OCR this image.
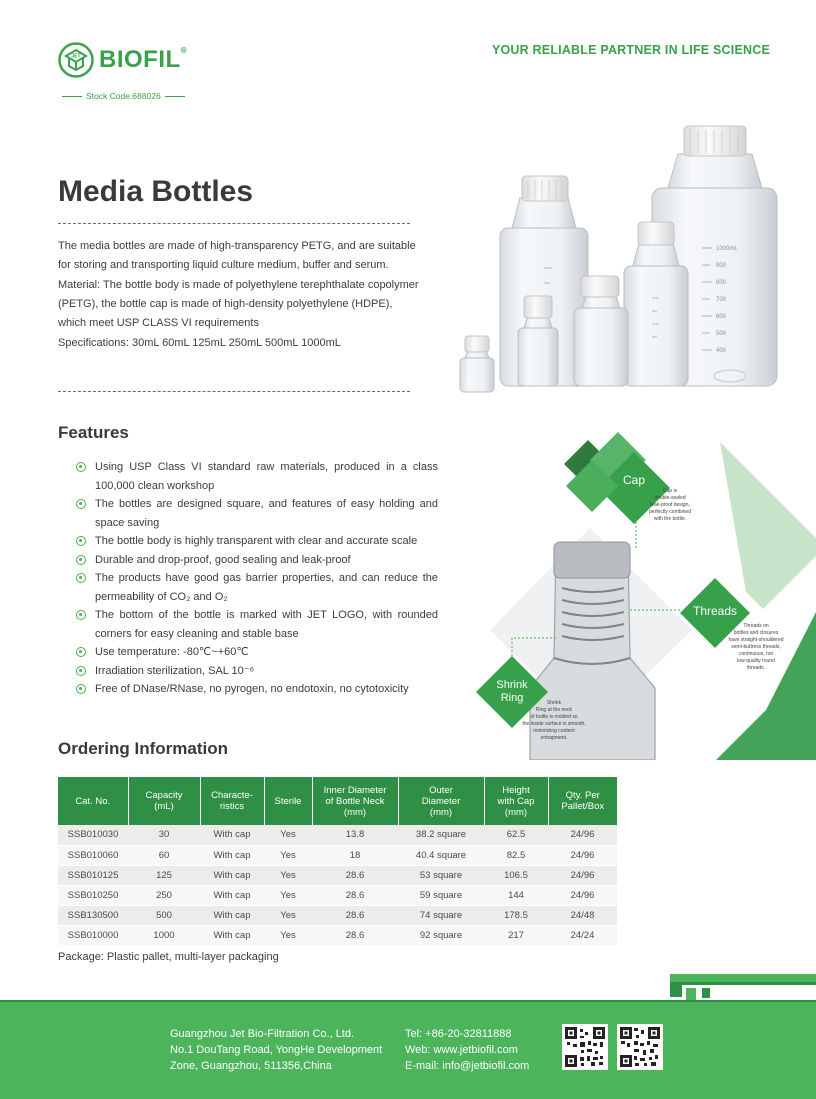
JET BIOFIL®
Stock Code:688026
YOUR RELIABLE PARTNER IN LIFE SCIENCE
Media Bottles

The media bottles are made of high-transparency PETG, and are suitable for storing and transporting liquid culture medium, buffer and serum.

Material: The bottle body is made of polyethylene terephthalate copolymer (PETG), the bottle cap is made of high-density polyethylene (HDPE), which meet USP CLASS VI requirements

Specifications: 30mL 60mL 125mL 250mL 500mL 1000mL

1000mL
900
800
700
600
500
400
Features
Using USP Class VI standard raw materials, produced in a class 100,000 clean workshop
The bottles are designed square, and features of easy holding and space saving
The bottle body is highly transparent with clear and accurate scale
Durable and drop-proof, good sealing and leak-proof
The products have good gas barrier properties, and can reduce the permeability of CO₂ and O₂
The bottom of the bottle is marked with JET LOGO, with rounded corners for easy cleaning and stable base
Use temperature: -80℃~+60℃
Irradiation sterilization, SAL 10⁻⁶
Free of DNase/RNase, no pyrogen, no endotoxin, no cytotoxicity
Cap
Cap is
double-sealed
leak-proof design,
perfectly combined
with the bottle.
Threads
Threads on
bottles and closures
have straight-shouldered
semi-buttress threads,
continuous, not
low-quality round
threads.
Shrink
Ring	Shrink
Ring at the neck
of bottle is molded so
the inside surface is smooth,
minimizing content
entrapment.
Ordering Information
Cat. No.	Capacity
(mL)	Characte-
ristics	Sterile	Inner Diameter
of Bottle Neck
(mm)	Outer
Diameter
(mm)	Height
with Cap
(mm)	Qty. Per
Pallet/Box
SSB010030	30	With cap	Yes	13.8	38.2 square	62.5	24/96
SSB010060	60	With cap	Yes	18	40.4 square	82.5	24/96
SSB010125	125	With cap	Yes	28.6	53 square	106.5	24/96
SSB010250	250	With cap	Yes	28.6	59 square	144	24/96
SSB130500	500	With cap	Yes	28.6	74 square	178.5	24/48
SSB010000	1000	With cap	Yes	28.6	92 square	217	24/24
Package: Plastic pallet, multi-layer packaging
Guangzhou Jet Bio-Filtration Co., Ltd.
No.1 DouTang Road, YongHe Development
Zone, Guangzhou, 511356,China
Tel: +86-20-32811888
Web: www.jetbiofil.com
E-mail: info@jetbiofil.com
